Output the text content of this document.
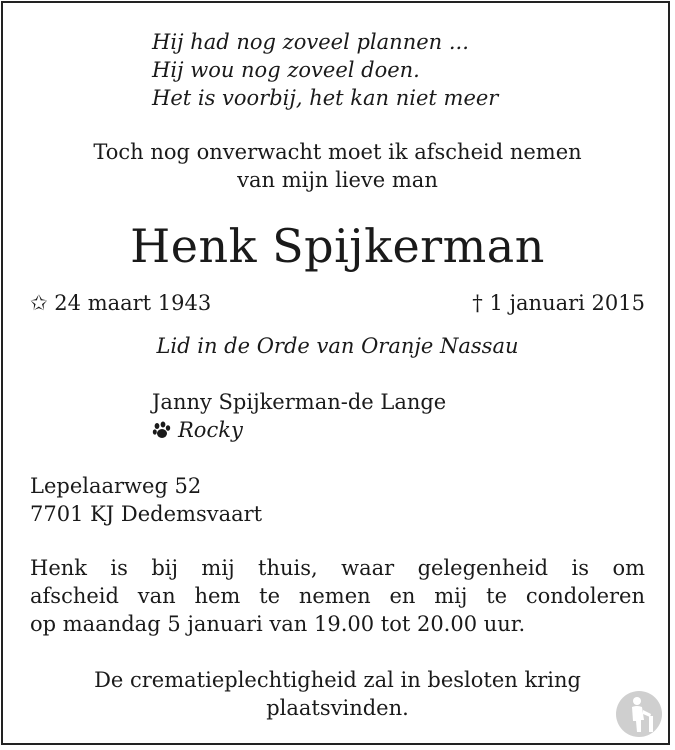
Hij had nog zoveel plannen ...
Hij wou nog zoveel doen.
Het is voorbij, het kan niet meer
Toch nog onverwacht moet ik afscheid nemen
van mijn lieve man
Henk Spijkerman
✩ 24 maart 1943	† 1 januari 2015
Lid in de Orde van Oranje Nassau
Janny Spijkerman-de Lange
Rocky
Lepelaarweg 52
7701 KJ Dedemsvaart
Henk is bij mij thuis, waar gelegenheid is om
afscheid van hem te nemen en mij te condoleren
op maandag 5 januari van 19.00 tot 20.00 uur.
De crematieplechtigheid zal in besloten kring
plaatsvinden.
